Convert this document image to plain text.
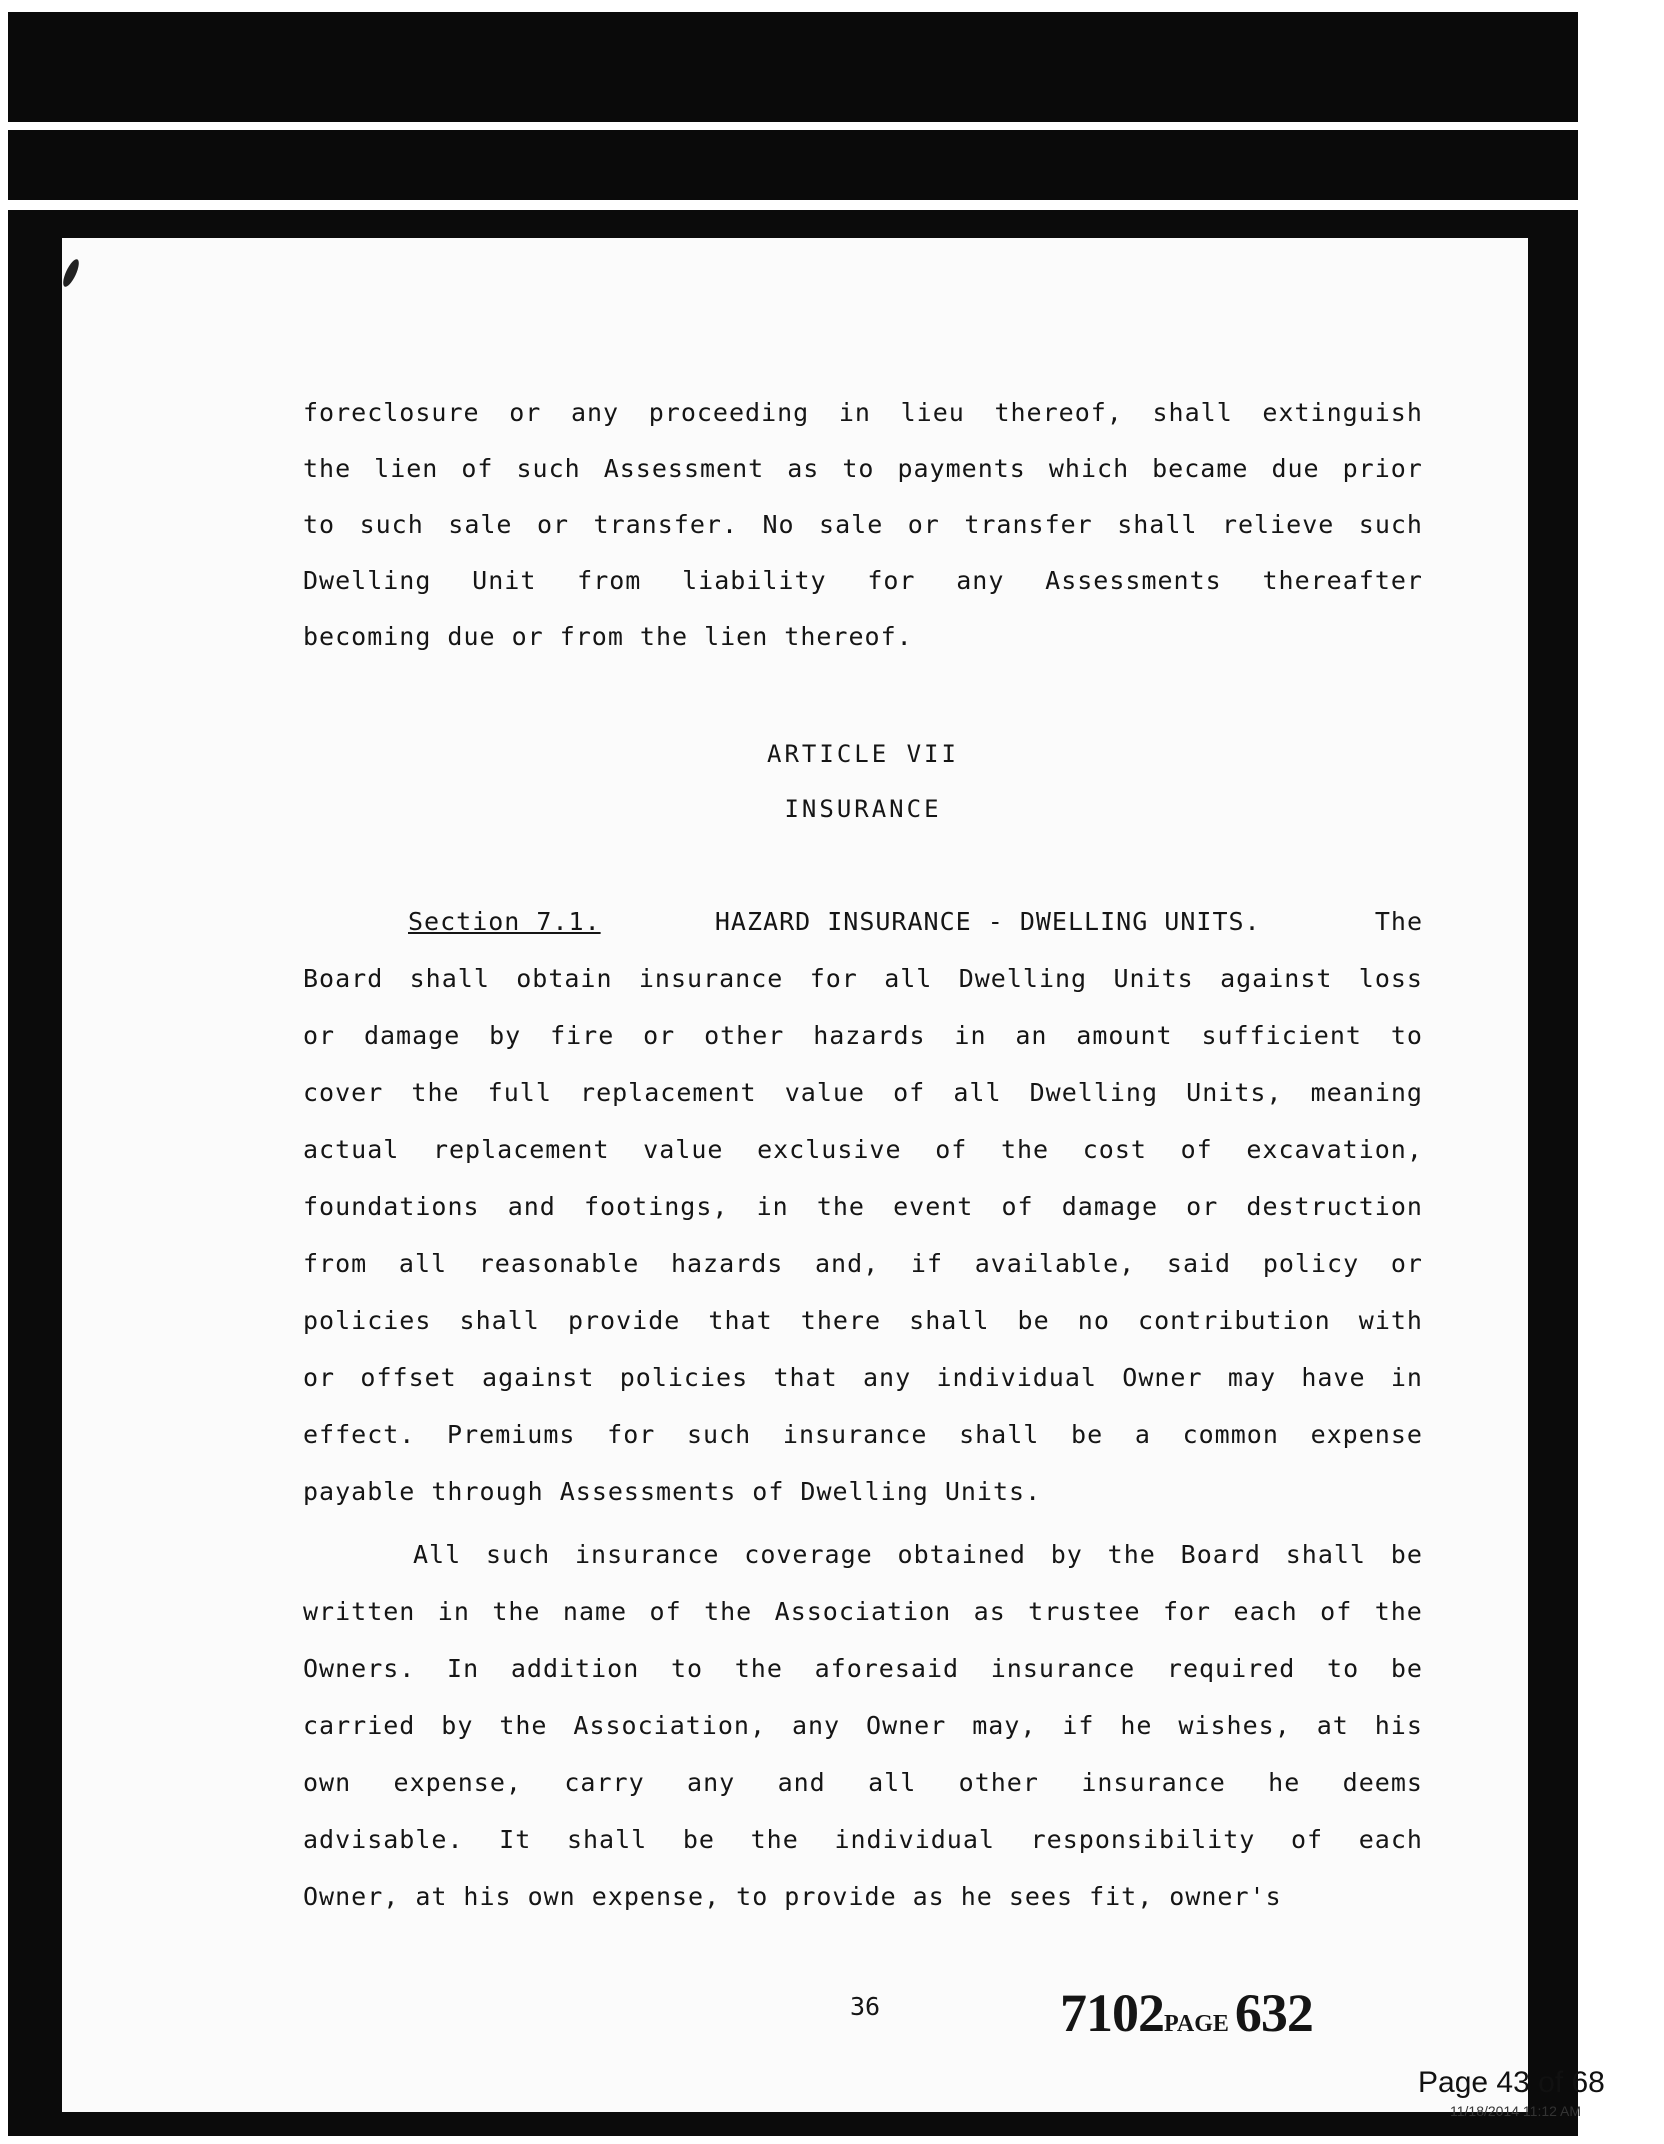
foreclosure or any proceeding in lieu thereof, shall extinguish
the lien of such Assessment as to payments which became due prior
to such sale or transfer. No sale or transfer shall relieve such
Dwelling Unit from liability for any Assessments thereafter
becoming due or from the lien thereof.
Board shall obtain insurance for all Dwelling Units against loss
or damage by fire or other hazards in an amount sufficient to
cover the full replacement value of all Dwelling Units, meaning
actual replacement value exclusive of the cost of excavation,
foundations and footings, in the event of damage or destruction
from all reasonable hazards and, if available, said policy or
policies shall provide that there shall be no contribution with
or offset against policies that any individual Owner may have in
effect. Premiums for such insurance shall be a common expense
payable through Assessments of Dwelling Units.
All such insurance coverage obtained by the Board shall be
written in the name of the Association as trustee for each of the
Owners. In addition to the aforesaid insurance required to be
carried by the Association, any Owner may, if he wishes, at his
own expense, carry any and all other insurance he deems
advisable. It shall be the individual responsibility of each
Owner, at his own expense, to provide as he sees fit, owner's
ARTICLE VII
INSURANCE
Section 7.1.	HAZARD INSURANCE - DWELLING UNITS.	The
36	7102PAGE 632
Page 43 of 68
11/18/2014 11:12 AM
